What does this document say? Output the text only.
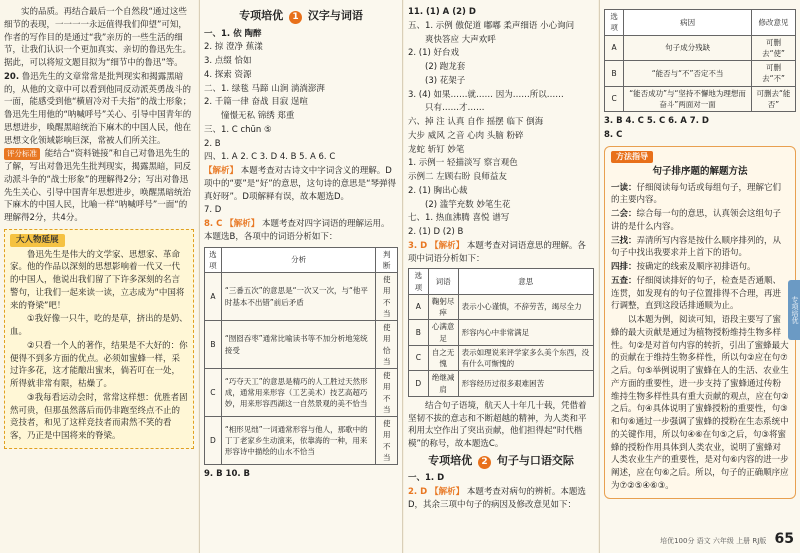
实的品质。再结合最后一个自然段“通过这些细节的表现，一一一一永远值得我们仰望”可知，作者的写作目的是通过“我”亲历的一些生活的细节，让我们认识一个更加真实、亲切的鲁迅先生。据此，可以将短文题目拟为“细节中的鲁迅”等。

20. 鲁迅先生的文章常常是批判现实和揭露黑暗的，从他的文章中可以看到他同反动派英勇战斗的一面，能感受到他“横眉冷对千夫指”的战士形象；鲁迅先生用他的“呐喊呼号”关心、引导中国青年的思想进步，唤醒黑暗统治下麻木的中国人民，他在思想文化领域影响巨深，常被人们所关注。

评分标准 能结合“资料链接”和自己对鲁迅先生的了解，写出对鲁迅先生批判现实，揭露黑暗，同反动派斗争的“战士形象”的理解得2分；写出对鲁迅先生关心、引导中国青年思想进步，唤醒黑暗统治下麻木的中国人民，比喻一样“呐喊呼号”一面“的理解得2分，共4分。

大人物延展

鲁迅先生是伟大的文学家、思想家、革命家。他的作品以深刻的思想影响着一代又一代的中国人，他说出我们留了下许多深刻的名言警句，让我们一起来读一读，立志成为“中国将来的脊梁”吧！

①我好像一只牛，吃的是草，挤出的是奶、血。

②只看一个人的著作，结果是不大好的：你便得不到多方面的优点。必须如蜜蜂一样，采过许多花，这才能酿出蜜来，倘若叮在一处，所得就非常有限，枯燥了。

③我每看运动会时，常常这样想：优胜者固然可贵，但那虽然落后而仍非跑至终点不止的竞技者，和见了这样竞技者而肃然不笑的看客，乃正是中国将来的脊梁。

专项培优 1 汉字与词语

一、1. 依 陶醉

2. 掠 澄净 蕉漾

3. 点缀 恰如

4. 探索 资源

二、1. 绿毯 马蹄 山涧 淌淌澎湃

2. 千篇一律 奋战 目寂 逞喧

憧憬无私 锦绣 郑重

三、1. C chūn ⑤

2. B

四、1. A 2. C 3. D 4. B 5. A 6. C

【解析】 本题考查对古诗文中字词含义的理解。D项中的“要”是“好”的意思，这句诗的意思是“琴弹得真好呀”。D项解释有误，故本题选D。

7. D

8. C 【解析】 本题考查对四字词语的理解运用。本题选B，各项中的词语分析如下：

选项	分析	判断
A	“三番五次”的意思是“一次又一次，与“他平时基本不出错”前后矛盾	使用不当
B	“囫囵吞枣”通常比喻读书等不加分析地笼统接受	使用恰当
C	“巧夺天工”的意思是精巧的人工胜过天然形成，通常用来形容（工艺美术）技艺高超巧妙，用来形容西湖这一自然景观的美不恰当	使用不当
D	“相形见绌”一词通常形容与他人，那歌中的丁丁老家乡生动演来，依靠海的一种，用来形容诗中描绘的山水不恰当	使用不当

9. B 10. B

11. (1) A (2) D

五、1. 示例 傲促道 嘟嘟 柔声细语 小心询问

爽快答应 大声欢呼

2. (1) 好台戏

(2) 跑龙套

(3) 花架子

3. (4) 如果……就…… 因为……所以……

只有……才……

六、掉 注 认真 自作 摇摆 临下 倒海

大步 威风 之音 心肉 头脑 粉碎

龙蛇 斩钉 妙笔

1. 示例一 轻描淡写 察言观色

示例二 左顾右盼 良师益友

2. (1) 胸出心裁

(2) 滥竽充数 妙笔生花

七、1. 热血沸腾 喜悦 谱写

2. (1) D (2) B

3. D 【解析】 本题考查对词语意思的理解。各项中词语分析如下：

选项	词语	意思
A	鞠躬尽瘁	表示小心谨慎，不辞劳苦，竭尽全力
B	心满意足	形容内心中非常满足
C	自之无愧	表示如理说来评学家多么美个东西，没有什么可惭愧的
D	绝继减肩	形容经历过很多艰难困苦

结合句子语境，航天人十年几十载，凭借着坚韧不拔的意志和不断超越的精神，为人类和平利用太空作出了突出贡献，他们担得起“时代楷模”的称号，故本题选C。

专项培优 2 句子与口语交际

一、1. D

2. D 【解析】 本题考查对病句的辨析。本题选D，其余三项中句子的病因及修改意见如下：

选项	病因	修改意见
A	句子成分残缺	可删去“使”
B	“能否与“不”否定不当	可删去“不”
C	“能否成功”与“坚持不懈地为理想而奋斗”两面对一面	可删去“能否”

3. B 4. C 5. C 6. A 7. D

8. C

方法指导
句子排序题的解题方法

一读：仔细阅读每句话或每组句子，理解它们的主要内容。

二会：综合每一句的意思，认真领会这组句子讲的是什么内容。

三找：弄清所写内容是按什么顺序排列的，从句子中找出我要求并上首下的语句。

四排：按确定的线索及顺序初排语句。

五查：仔细阅读排好的句子，检查是否通顺、连贯，如发现有的句子位置排得不合理，再进行调整，直到这段话排通顺为止。

以本题为例，阅读可知，语段主要写了蜜蜂的最大贡献是通过为植物授粉维持生物多样性。句②是对首句内容的转折，引出了蜜蜂最大的贡献在于维持生物多样性，所以句②应在句⑦之后。句⑤举例说明了蜜蜂在人的生活、农业生产方面的重要性，进一步支持了蜜蜂通过传粉维持生物多样性具有重大贡献的观点，应在句②之后。句④具体说明了蜜蜂授粉的重要性，句③和句⑥通过一步强调了蜜蜂的授粉在生态系统中的关键作用，所以句④⑥在句⑤之后，句③将蜜蜂的授粉作用具体到人类农业，说明了蜜蜂对人类农业生产的重要性，是对句⑥内容的进一步阐述，应在句⑥之后。所以，句子的正确顺序应为⑦②⑤④⑥③。

专项培优
培优100分 语文 六年级 上册 RJ版 65
